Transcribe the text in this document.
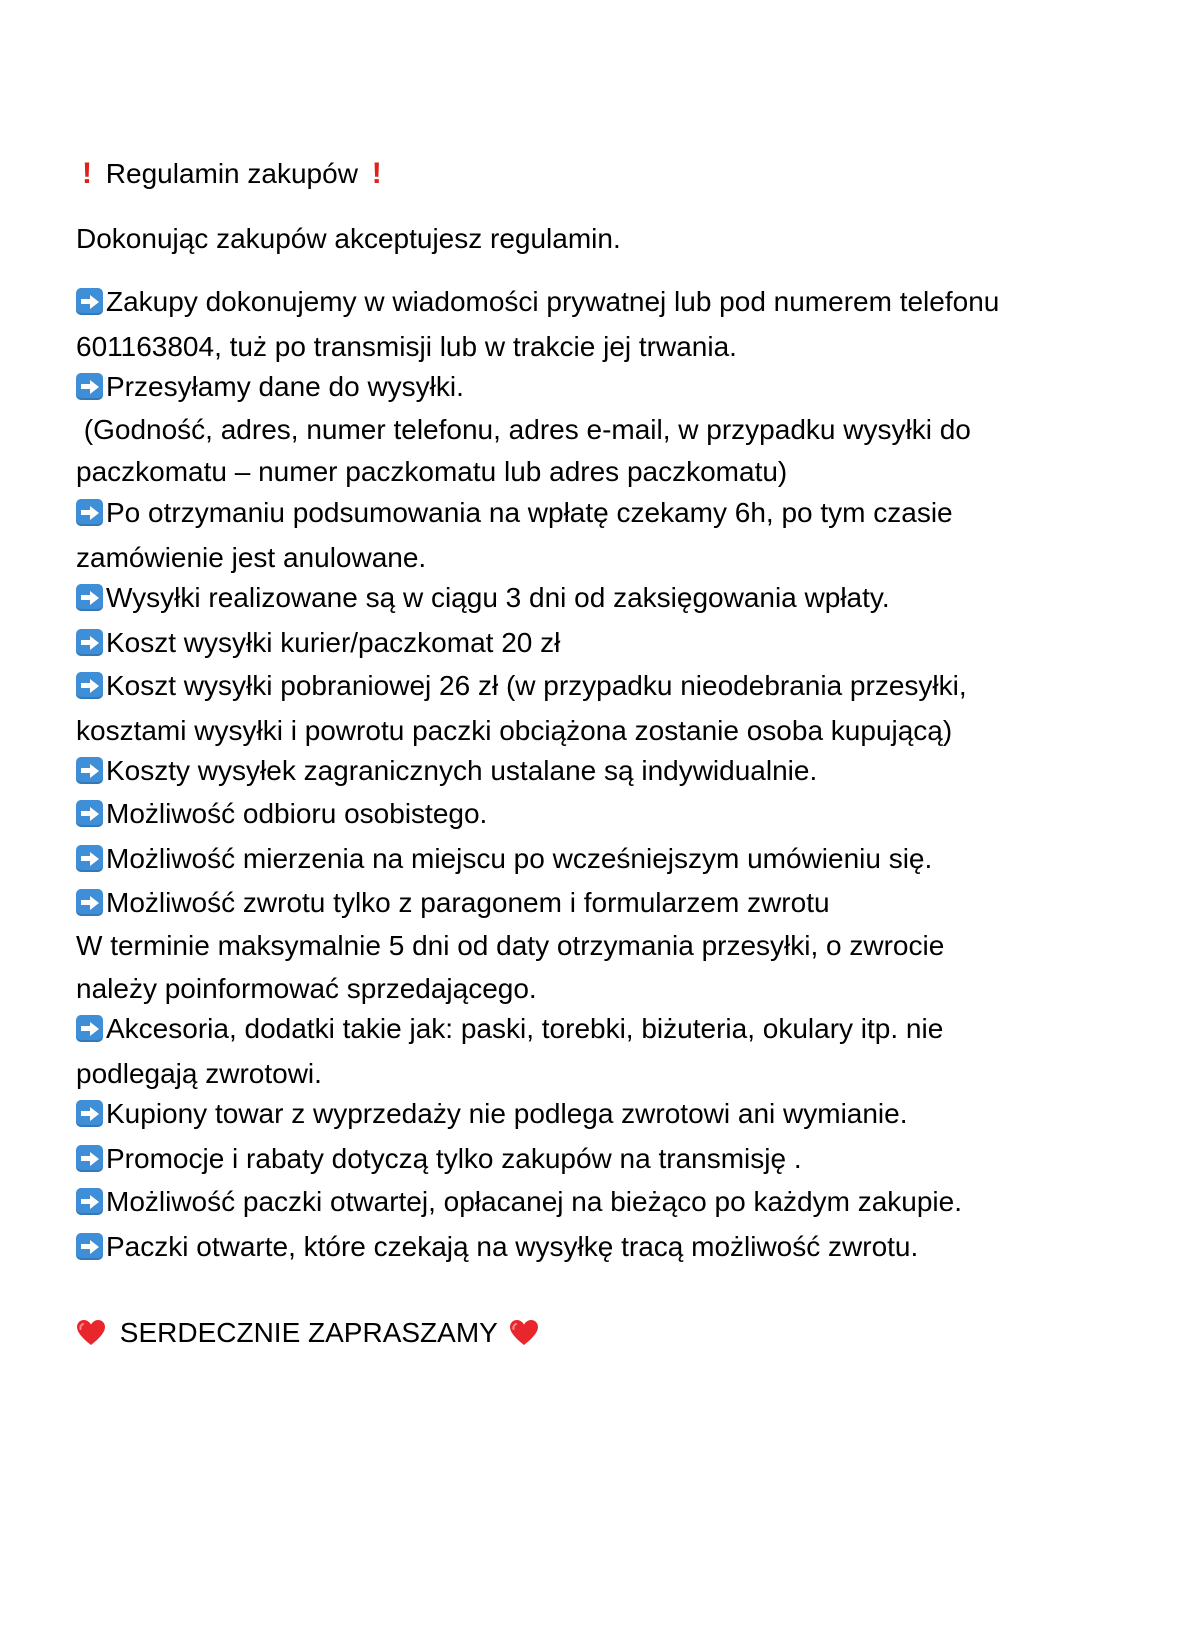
! Regulamin zakupów !
Dokonując zakupów akceptujesz regulamin.
Zakupy dokonujemy w wiadomości prywatnej lub pod numerem telefonu
601163804, tuż po transmisji lub w trakcie jej trwania.
Przesyłamy dane do wysyłki.
(Godność, adres, numer telefonu, adres e-mail, w przypadku wysyłki do
paczkomatu – numer paczkomatu lub adres paczkomatu)
Po otrzymaniu podsumowania na wpłatę czekamy 6h, po tym czasie
zamówienie jest anulowane.
Wysyłki realizowane są w ciągu 3 dni od zaksięgowania wpłaty.
Koszt wysyłki kurier/paczkomat 20 zł
Koszt wysyłki pobraniowej 26 zł (w przypadku nieodebrania przesyłki,
kosztami wysyłki i powrotu paczki obciążona zostanie osoba kupującą)
Koszty wysyłek zagranicznych ustalane są indywidualnie.
Możliwość odbioru osobistego.
Możliwość mierzenia na miejscu po wcześniejszym umówieniu się.
Możliwość zwrotu tylko z paragonem i formularzem zwrotu
W terminie maksymalnie 5 dni od daty otrzymania przesyłki, o zwrocie
należy poinformować sprzedającego.
Akcesoria, dodatki takie jak: paski, torebki, biżuteria, okulary itp. nie
podlegają zwrotowi.
Kupiony towar z wyprzedaży nie podlega zwrotowi ani wymianie.
Promocje i rabaty dotyczą tylko zakupów na transmisję .
Możliwość paczki otwartej, opłacanej na bieżąco po każdym zakupie.
Paczki otwarte, które czekają na wysyłkę tracą możliwość zwrotu.
SERDECZNIE ZAPRASZAMY
